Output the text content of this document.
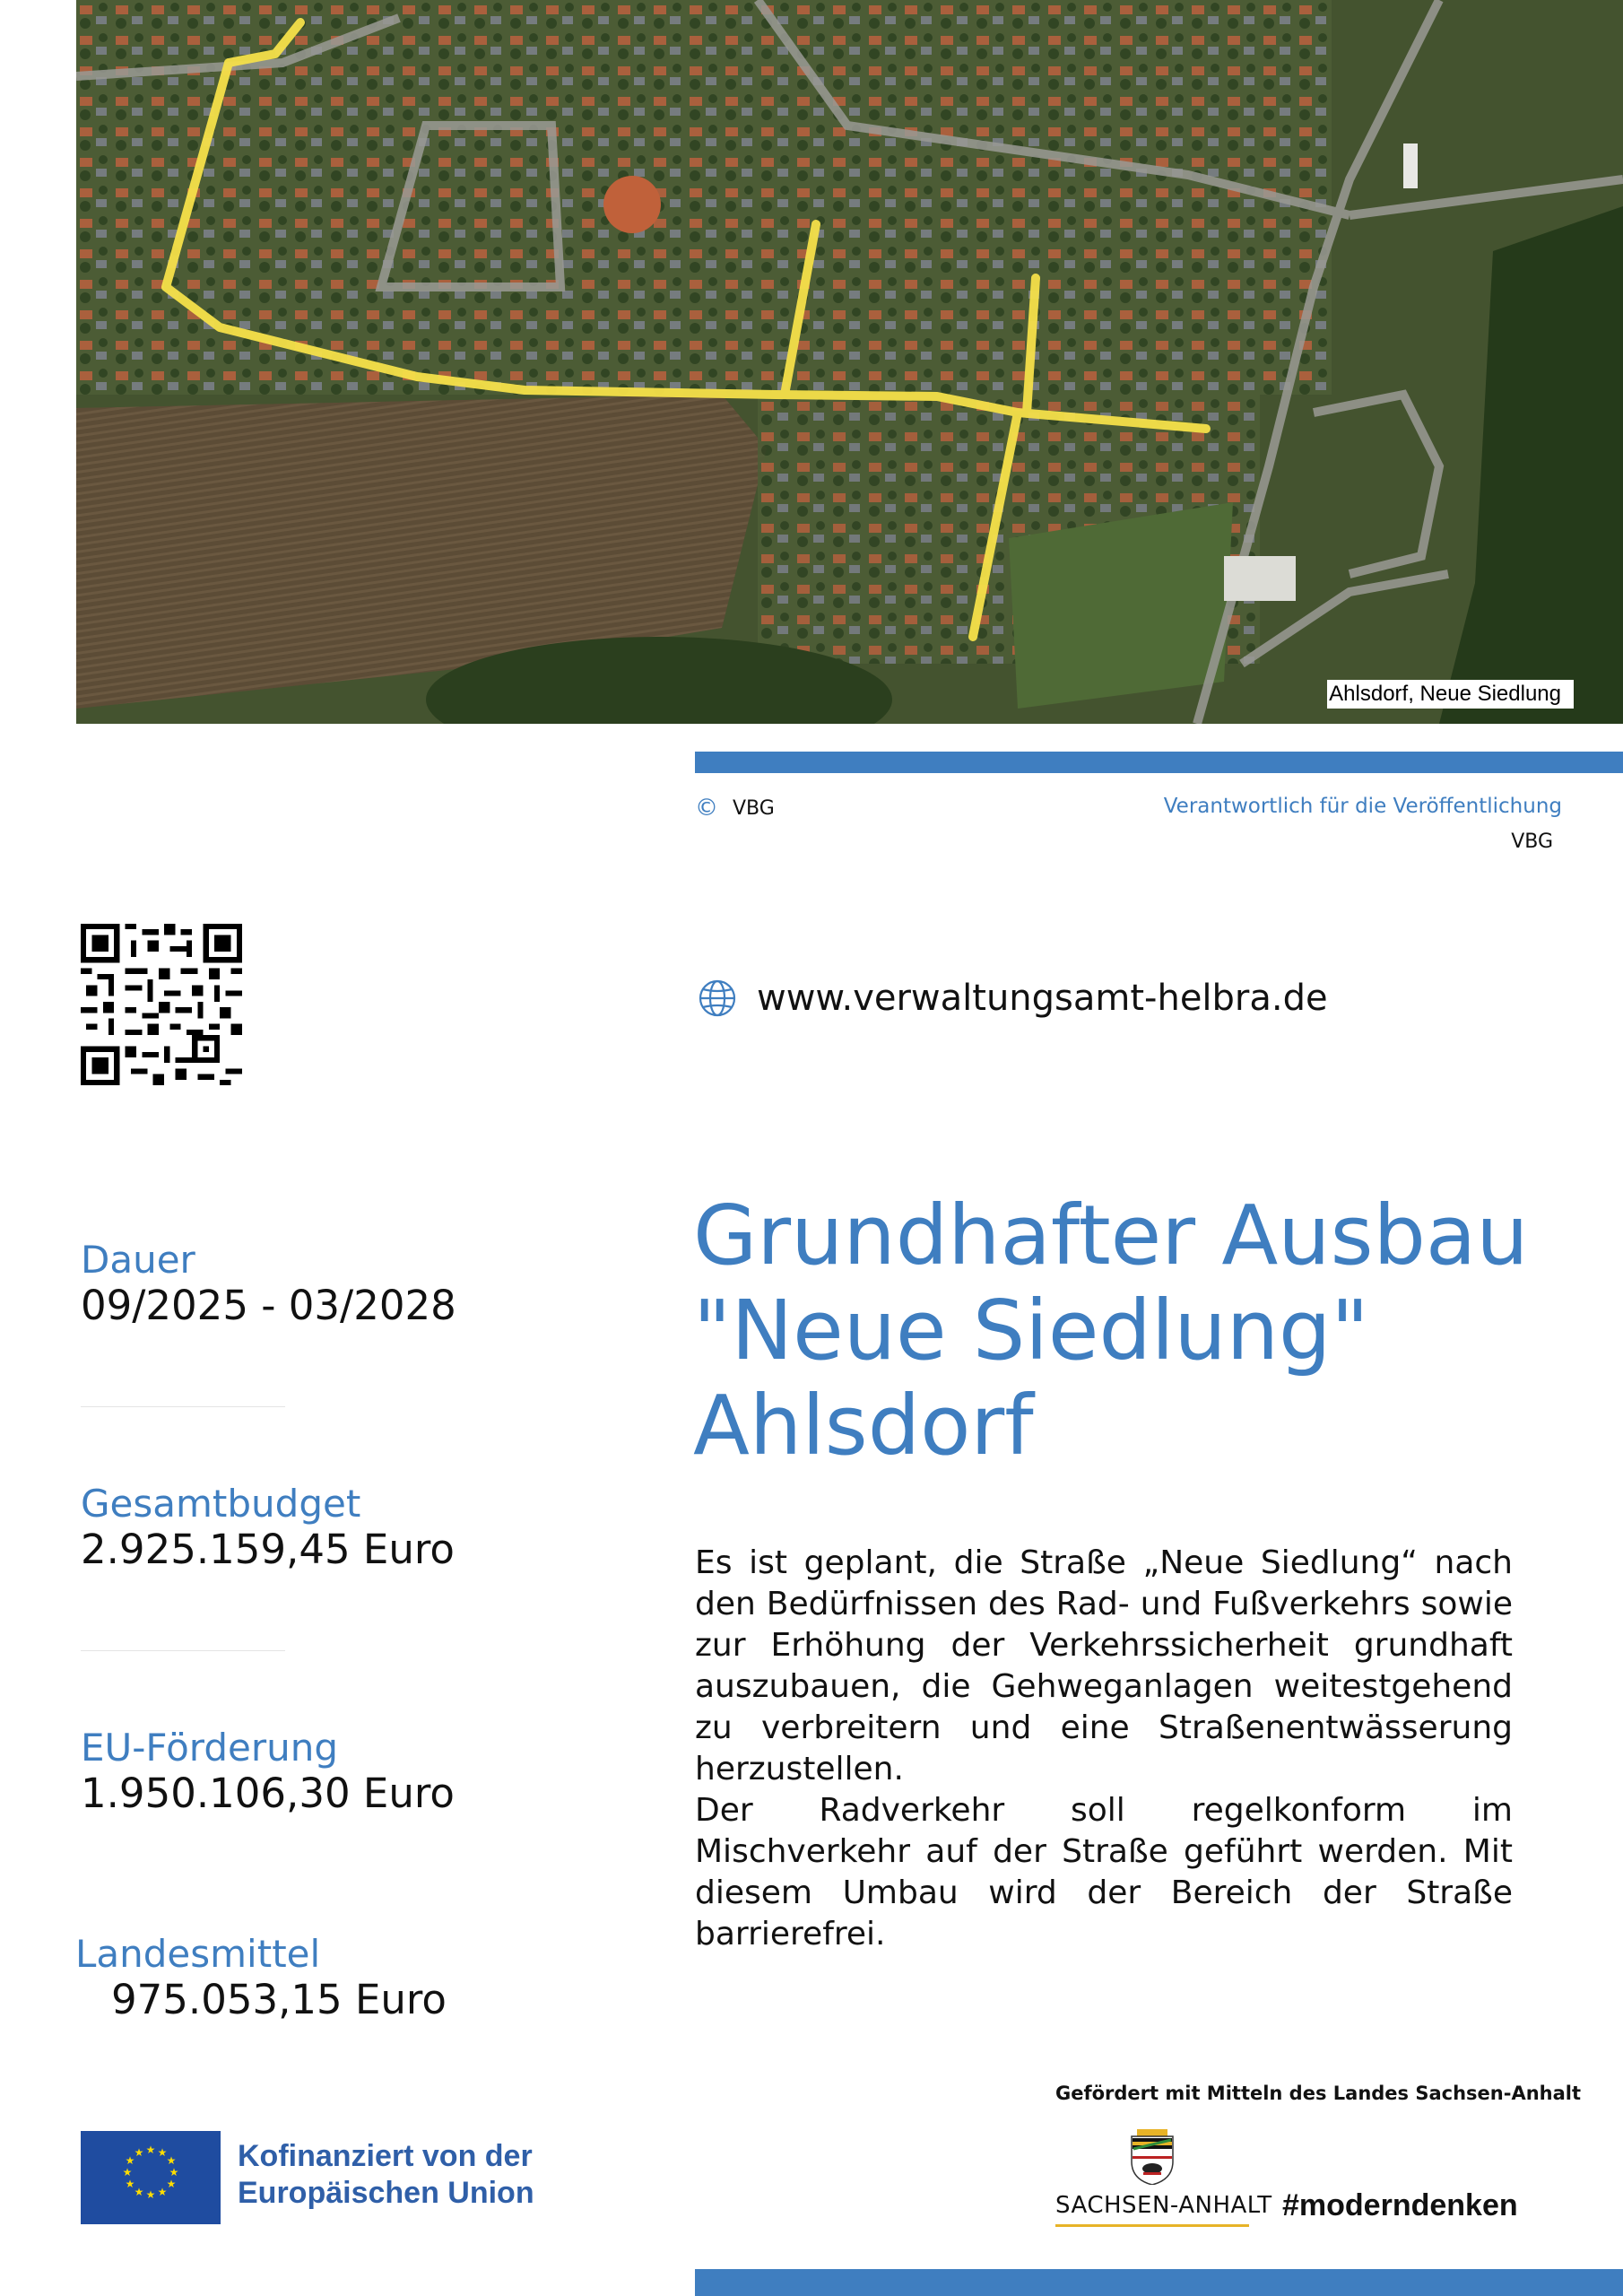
Ahlsdorf, Neue Siedlung
© VBG	Verantwortlich für die Veröffentlichung
VBG
www.verwaltungsamt-helbra.de
Dauer
09/2025 - 03/2028
Gesamtbudget
2.925.159,45 Euro
EU-Förderung
1.950.106,30 Euro
Landesmittel
975.053,15 Euro
Grundhafter Ausbau
"Neue Siedlung"
Ahlsdorf

Es ist geplant, die Straße „Neue Siedlung“ nach den Bedürfnissen des Rad- und Fußverkehrs sowie zur Erhöhung der Verkehrssicherheit grundhaft auszubauen, die Gehweganlagen weitestgehend zu verbreitern und eine Straßenentwässerung herzustellen.

Der Radverkehr soll regelkonform im Mischverkehr auf der Straße geführt werden. Mit diesem Umbau wird der Bereich der Straße barrierefrei.

★ ★
★
★
★
★
★
★
★
★
★
★	Kofinanziert von der
Europäischen Union
Gefördert mit Mitteln des Landes Sachsen-Anhalt
SACHSEN-ANHALT #moderndenken
